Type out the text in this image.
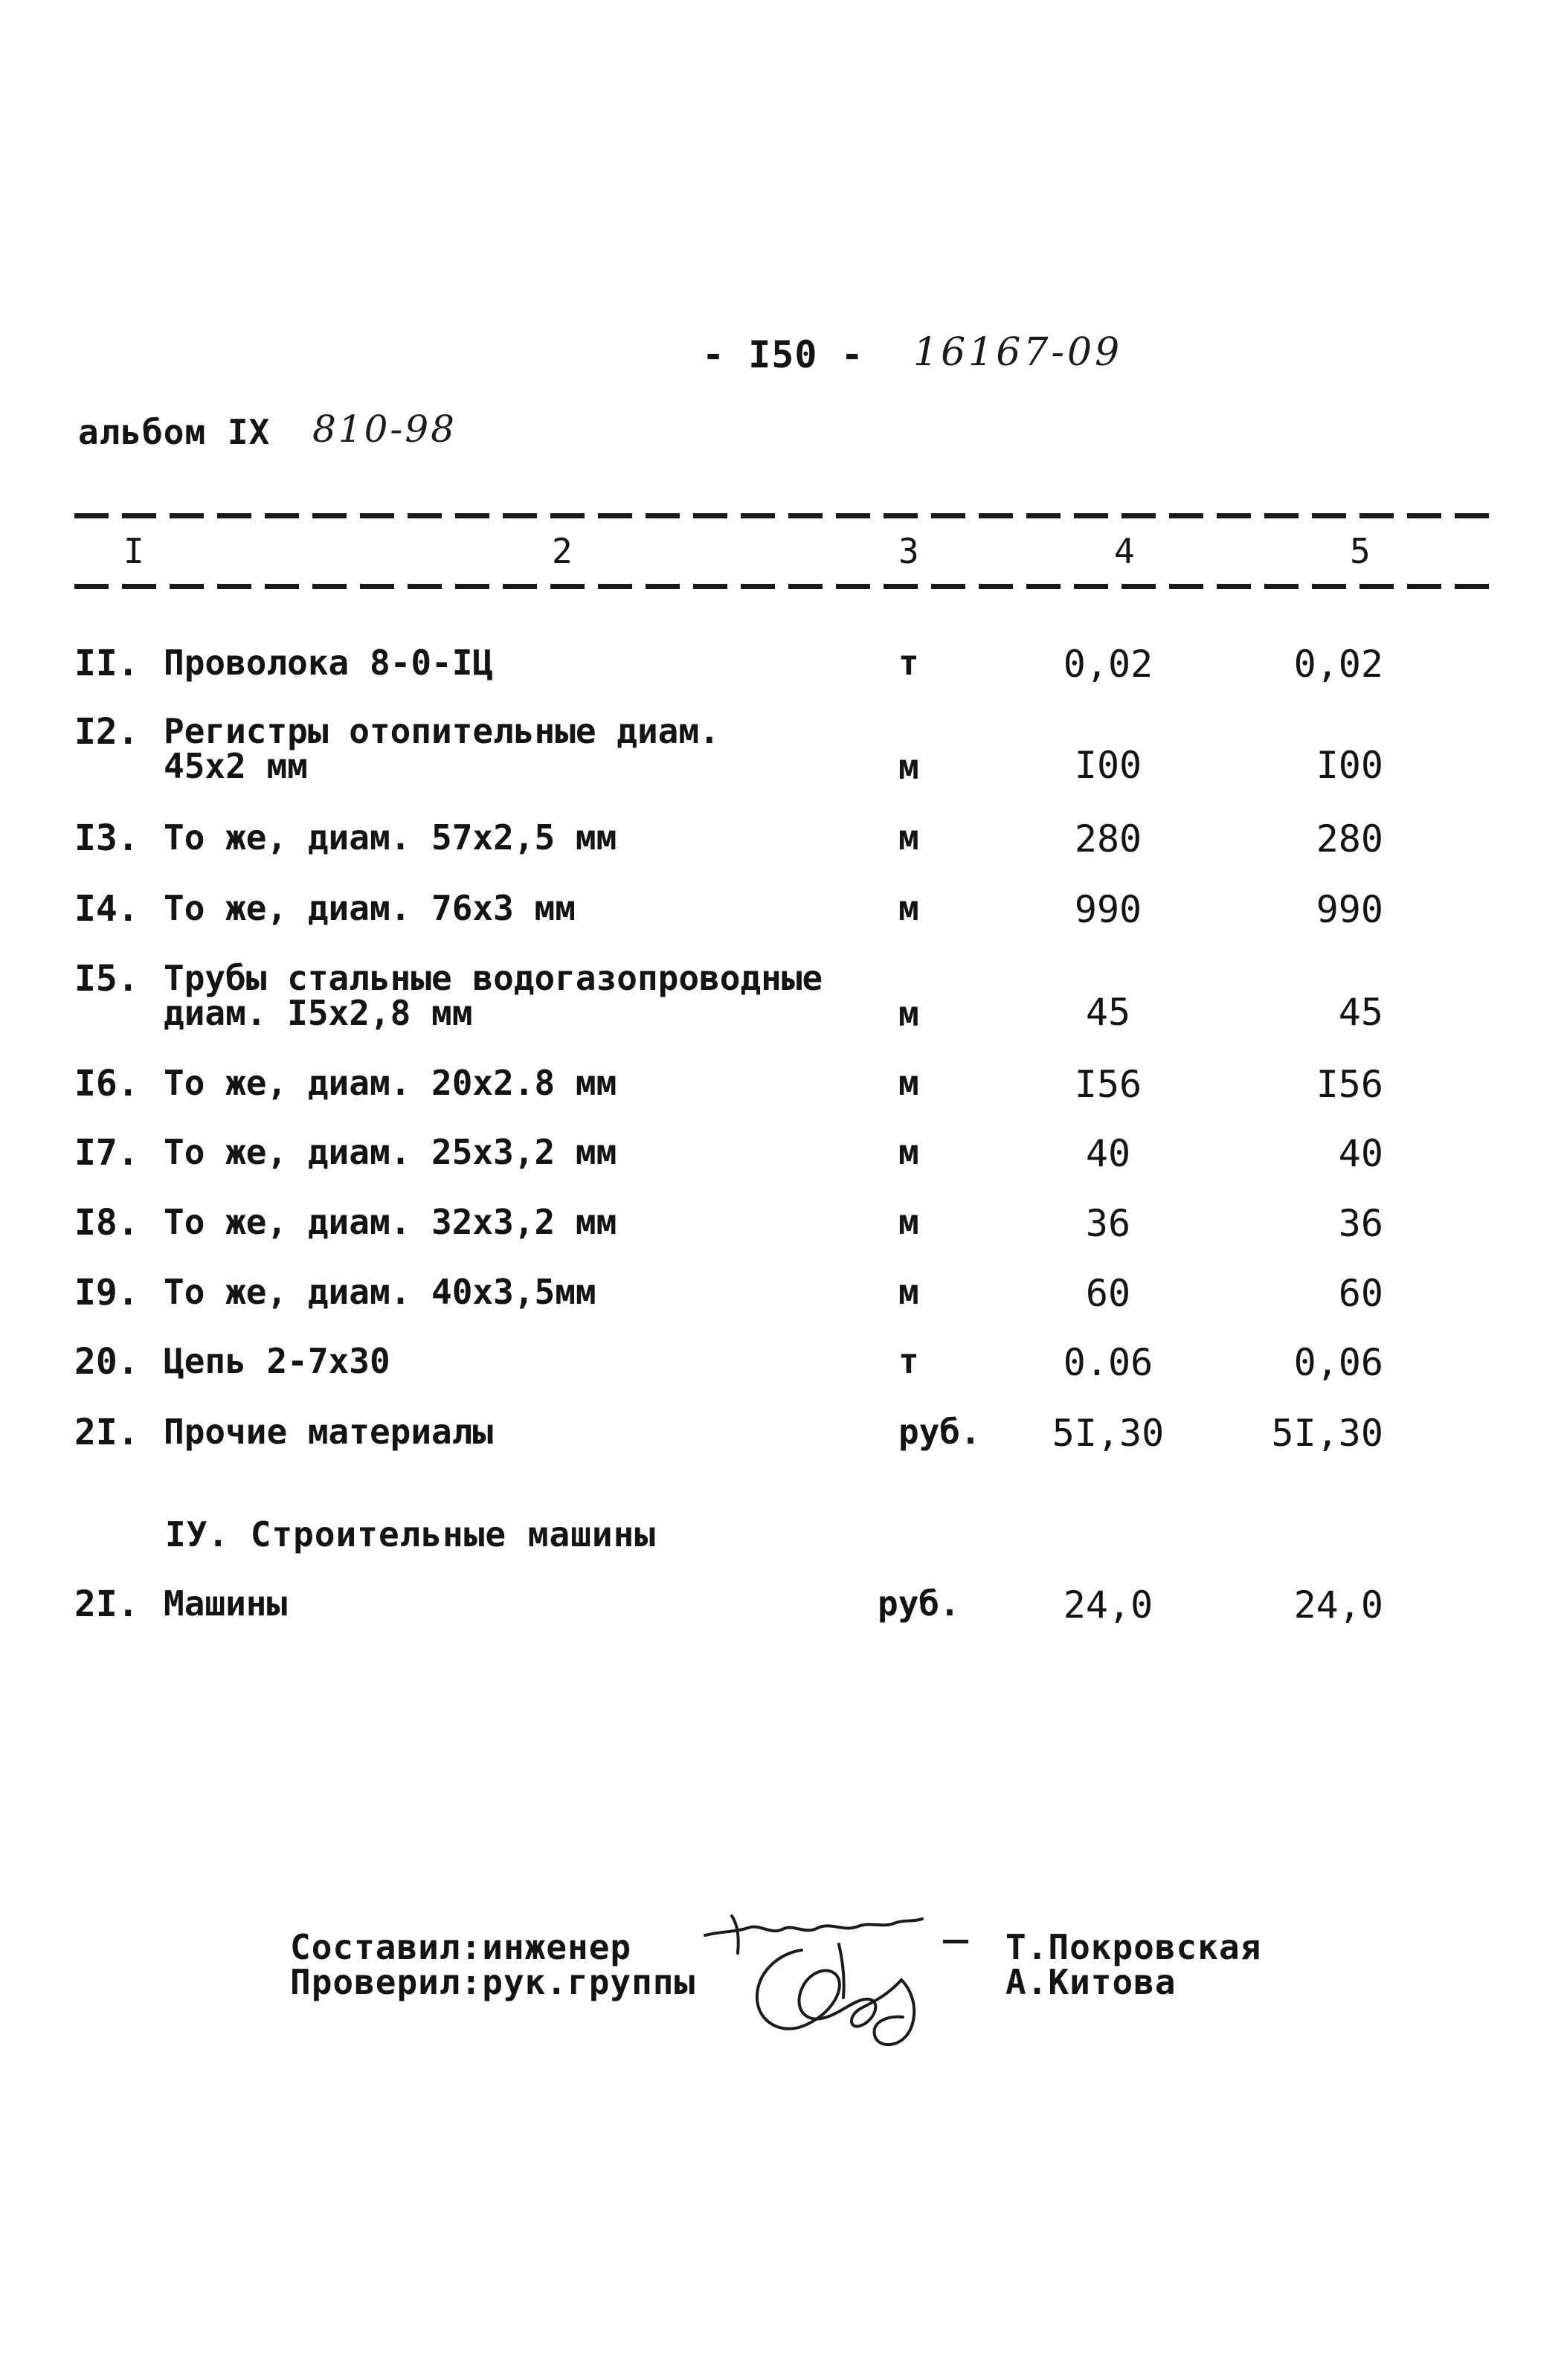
- I50 - 16167-09
альбом IX 810-98
I	2	3	4	5
II. Проволока 8-0-IЦ	т	0,02	0,02
I2. Регистры отопительные диам.
45x2 мм	м	I00	I00
I3. То же, диам. 57x2,5 мм	м	280	280
I4. То же, диам. 76x3 мм	м	990	990
I5. Трубы стальные водогазопроводные
диам. I5x2,8 мм	м	45	45
I6. То же, диам. 20x2.8 мм	м	I56	I56
I7. То же, диам. 25x3,2 мм	м	40	40
I8. То же, диам. 32x3,2 мм	м	36	36
I9. То же, диам. 40x3,5мм	м	60	60
20. Цепь 2-7x30	т	0.06	0,06
2I. Прочие материалы	руб. 5I,30	5I,30
IУ. Строительные машины
2I. Машины	руб.	24,0	24,0
Составил:инженер
Проверил:рук.группы
Т.Покровская
А.Китова
